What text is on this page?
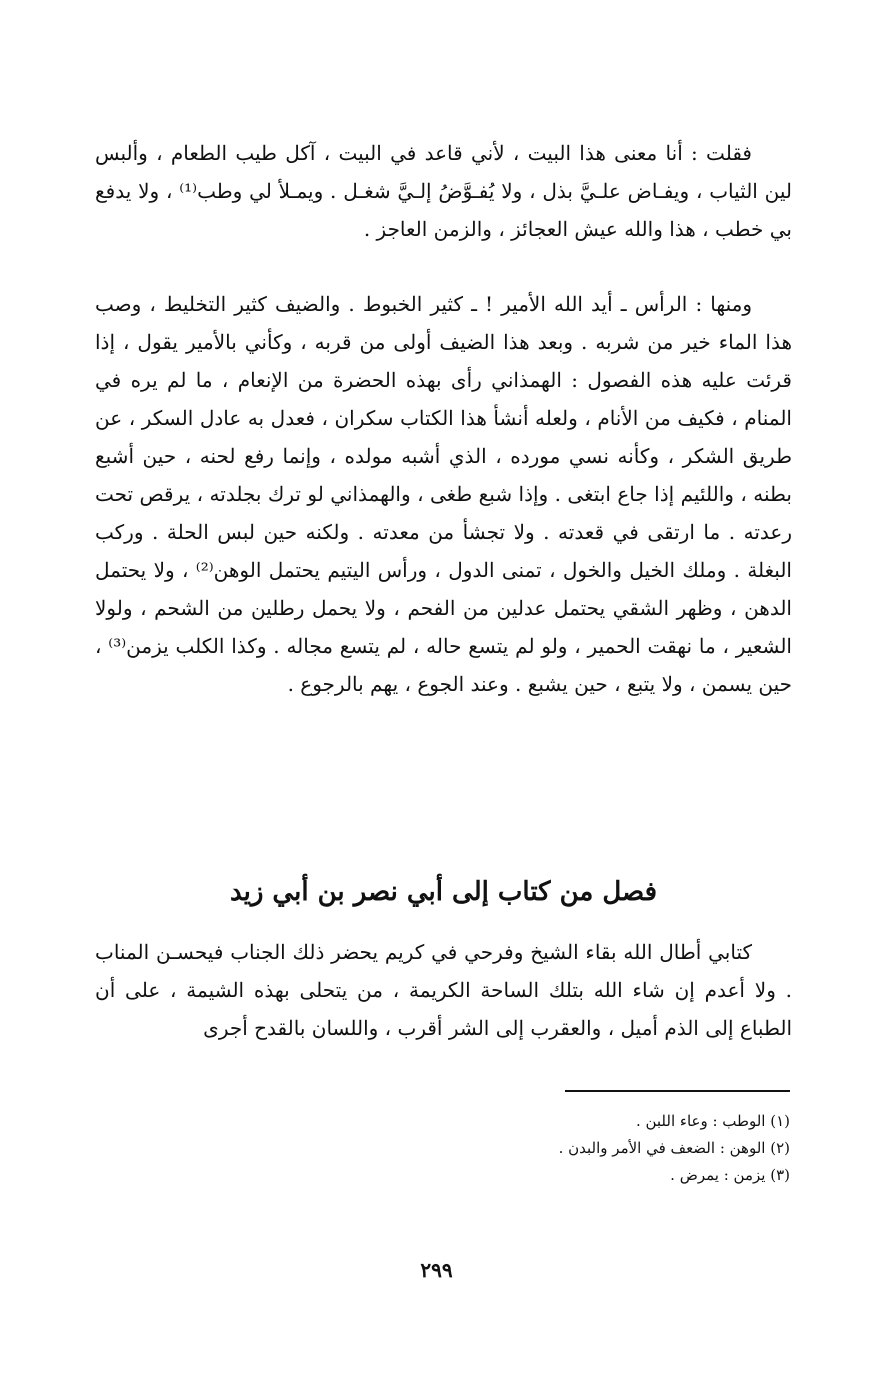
فقلت : أنا معنى هذا البيت ، لأني قاعد في البيت ، آكل طيب الطعام ، وألبس لين الثياب ، ويفـاض علـيَّ بذل ، ولا يُفـوَّضُ إلـيَّ شغـل . ويمـلأ لي وطب⁽¹⁾ ، ولا يدفع بي خطب ، هذا والله عيش العجائز ، والزمن العاجز .

ومنها : الرأس ـ أيد الله الأمير ! ـ كثير الخبوط . والضيف كثير التخليط ، وصب هذا الماء خير من شربه . وبعد هذا الضيف أولى من قربه ، وكأني بالأمير يقول ، إذا قرئت عليه هذه الفصول : الهمذاني رأى بهذه الحضرة من الإنعام ، ما لم يره في المنام ، فكيف من الأنام ، ولعله أنشأ هذا الكتاب سكران ، فعدل به عادل السكر ، عن طريق الشكر ، وكأنه نسي مورده ، الذي أشبه مولده ، وإنما رفع لحنه ، حين أشبع بطنه ، واللئيم إذا جاع ابتغى . وإذا شبع طغى ، والهمذاني لو ترك بجلدته ، يرقص تحت رعدته . ما ارتقى في قعدته . ولا تجشأ من معدته . ولكنه حين لبس الحلة . وركب البغلة . وملك الخيل والخول ، تمنى الدول ، ورأس اليتيم يحتمل الوهن⁽²⁾ ، ولا يحتمل الدهن ، وظهر الشقي يحتمل عدلين من الفحم ، ولا يحمل رطلين من الشحم ، ولولا الشعير ، ما نهقت الحمير ، ولو لم يتسع حاله ، لم يتسع مجاله . وكذا الكلب يزمن⁽³⁾ ، حين يسمن ، ولا يتبع ، حين يشبع . وعند الجوع ، يهم بالرجوع .

فصل من كتاب إلى أبي نصر بن أبي زيد

كتابي أطال الله بقاء الشيخ وفرحي في كريم يحضر ذلك الجناب فيحسـن المناب . ولا أعدم إن شاء الله بتلك الساحة الكريمة ، من يتحلى بهذه الشيمة ، على أن الطباع إلى الذم أميل ، والعقرب إلى الشر أقرب ، واللسان بالقدح أجرى

(١) الوطب : وعاء اللبن .
(٢) الوهن : الضعف في الأمر والبدن .
(٣) يزمن : يمرض .
٢٩٩
